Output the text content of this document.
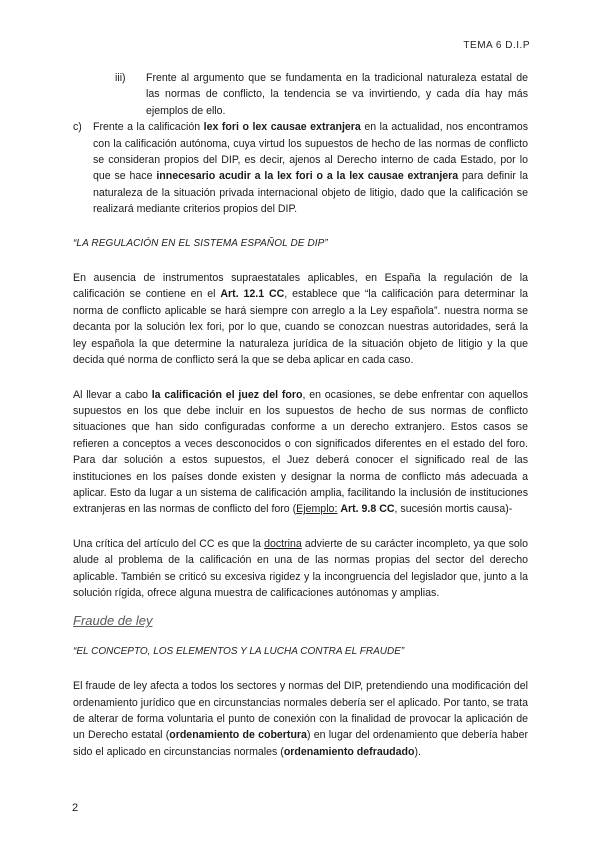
TEMA 6 D.I.P
iii) Frente al argumento que se fundamenta en la tradicional naturaleza estatal de las normas de conflicto, la tendencia se va invirtiendo, y cada día hay más ejemplos de ello.

c) Frente a la calificación lex fori o lex causae extranjera en la actualidad, nos encontramos con la calificación autónoma, cuya virtud los supuestos de hecho de las normas de conflicto se consideran propios del DIP, es decir, ajenos al Derecho interno de cada Estado, por lo que se hace innecesario acudir a la lex fori o a la lex causae extranjera para definir la naturaleza de la situación privada internacional objeto de litigio, dado que la calificación se realizará mediante criterios propios del DIP.

“LA REGULACIÓN EN EL SISTEMA ESPAÑOL DE DIP”

En ausencia de instrumentos supraestatales aplicables, en España la regulación de la calificación se contiene en el Art. 12.1 CC, establece que “la calificación para determinar la norma de conflicto aplicable se hará siempre con arreglo a la Ley española”. nuestra norma se decanta por la solución lex fori, por lo que, cuando se conozcan nuestras autoridades, será la ley española la que determine la naturaleza jurídica de la situación objeto de litigio y la que decida qué norma de conflicto será la que se deba aplicar en cada caso.

Al llevar a cabo la calificación el juez del foro, en ocasiones, se debe enfrentar con aquellos supuestos en los que debe incluir en los supuestos de hecho de sus normas de conflicto situaciones que han sido configuradas conforme a un derecho extranjero. Estos casos se refieren a conceptos a veces desconocidos o con significados diferentes en el estado del foro. Para dar solución a estos supuestos, el Juez deberá conocer el significado real de las instituciones en los países donde existen y designar la norma de conflicto más adecuada a aplicar. Esto da lugar a un sistema de calificación amplia, facilitando la inclusión de instituciones extranjeras en las normas de conflicto del foro (Ejemplo: Art. 9.8 CC, sucesión mortis causa)-

Una crítica del artículo del CC es que la doctrina advierte de su carácter incompleto, ya que solo alude al problema de la calificación en una de las normas propias del sector del derecho aplicable. También se criticó su excesiva rigidez y la incongruencia del legislador que, junto a la solución rígida, ofrece alguna muestra de calificaciones autónomas y amplias.

Fraude de ley

“EL CONCEPTO, LOS ELEMENTOS Y LA LUCHA CONTRA EL FRAUDE”

El fraude de ley afecta a todos los sectores y normas del DIP, pretendiendo una modificación del ordenamiento jurídico que en circunstancias normales debería ser el aplicado. Por tanto, se trata de alterar de forma voluntaria el punto de conexión con la finalidad de provocar la aplicación de un Derecho estatal (ordenamiento de cobertura) en lugar del ordenamiento que debería haber sido el aplicado en circunstancias normales (ordenamiento defraudado).

2
